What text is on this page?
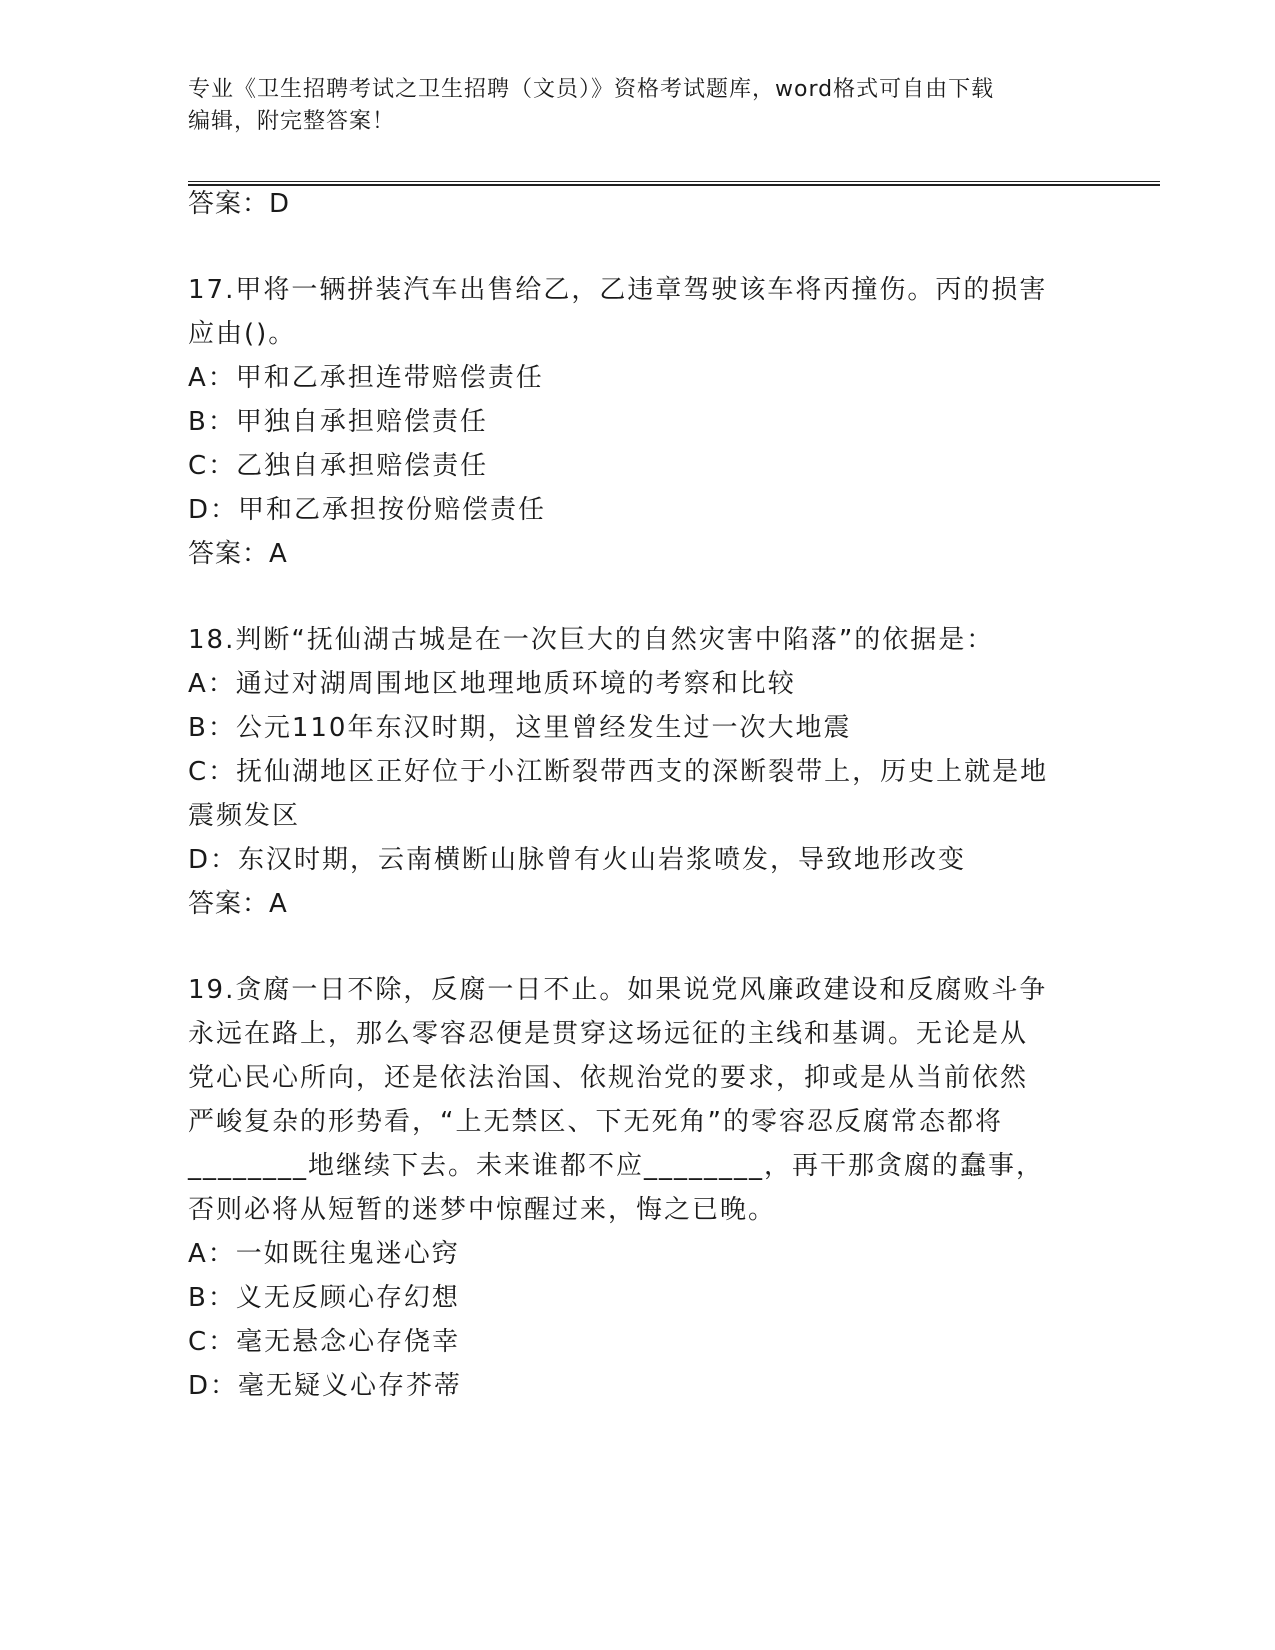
专业《卫生招聘考试之卫生招聘（文员）》资格考试题库，word格式可自由下载
编辑，附完整答案！
答案：D
17.甲将一辆拼装汽车出售给乙，乙违章驾驶该车将丙撞伤。丙的损害
应由()。
A：甲和乙承担连带赔偿责任
B：甲独自承担赔偿责任
C：乙独自承担赔偿责任
D：甲和乙承担按份赔偿责任
答案：A
18.判断“抚仙湖古城是在一次巨大的自然灾害中陷落”的依据是：
A：通过对湖周围地区地理地质环境的考察和比较
B：公元110年东汉时期，这里曾经发生过一次大地震
C：抚仙湖地区正好位于小江断裂带西支的深断裂带上，历史上就是地
震频发区
D：东汉时期，云南横断山脉曾有火山岩浆喷发，导致地形改变
答案：A
19.贪腐一日不除，反腐一日不止。如果说党风廉政建设和反腐败斗争
永远在路上，那么零容忍便是贯穿这场远征的主线和基调。无论是从
党心民心所向，还是依法治国、依规治党的要求，抑或是从当前依然
严峻复杂的形势看，“上无禁区、下无死角”的零容忍反腐常态都将
________地继续下去。未来谁都不应________，再干那贪腐的蠢事，
否则必将从短暂的迷梦中惊醒过来，悔之已晚。
A：一如既往鬼迷心窍
B：义无反顾心存幻想
C：毫无悬念心存侥幸
D：毫无疑义心存芥蒂
